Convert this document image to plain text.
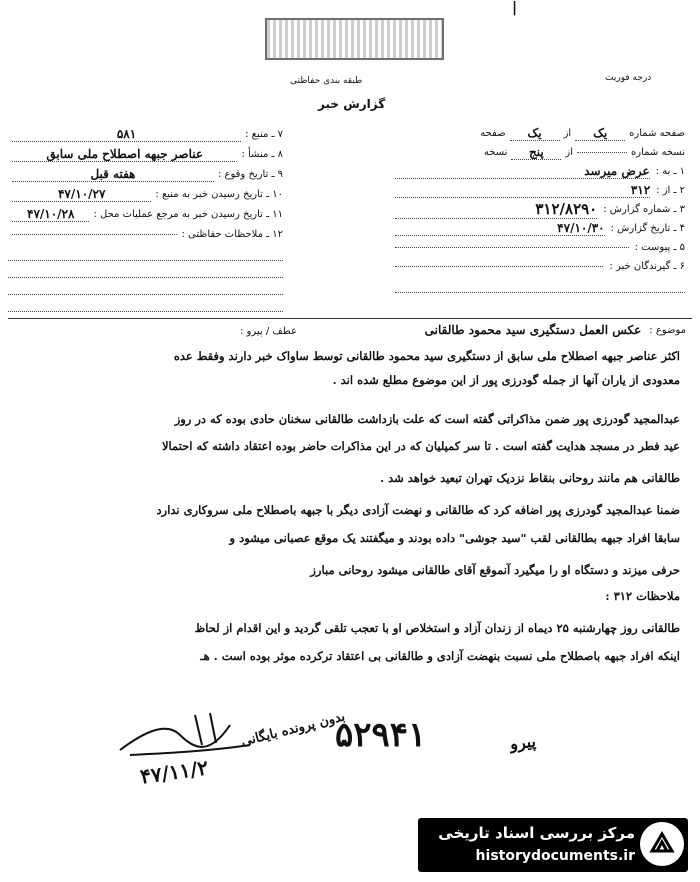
|
درجه فوریت
طبقه بندی حفاظتی
گزارش خبر
۷ ـ منبع :
۵۸۱
۸ ـ منشأ :
عناصر جبهه اصطلاح ملی سابق
۹ ـ تاریخ وقوع :
هفته قبل
۱۰ ـ تاریخ رسیدن خبر به منبع :
۴۷/۱۰/۲۷
۱۱ ـ تاریخ رسیدن خبر به مرجع عملیات محل :
۴۷/۱۰/۲۸
۱۲ ـ ملاحظات حفاظتی :
صفحه شماره
یک
از
یک
صفحه
نسخه شماره
از
پنج
نسخه
۱ ـ به :
عرض میرسد
۲ ـ از :
۳۱۲
۳ ـ شماره گزارش :
۳۱۲/۸۲۹۰
۴ ـ تاریخ گزارش :
۴۷/۱۰/۳۰
۵ ـ پیوست :
۶ ـ گیرندگان خبر :
موضوع :
عکس العمل دستگیری سید محمود طالقانی
عطف / پیرو :
اکثر عناصر جبهه اصطلاح ملی سابق از دستگیری سید محمود طالقانی توسط ساواک خبر دارند وفقط عده
معدودی از یاران آنها از جمله گودرزی پور از این موضوع مطلع شده اند .
عبدالمجید گودرزی پور ضمن مذاکراتی گفته است که علت بازداشت طالقانی سخنان حادی بوده که در روز
عید فطر در مسجد هدایت گفته است . تا سر کمیلیان که در این مذاکرات حاضر بوده اعتقاد داشته که احتمالا
طالقانی هم مانند روحانی بنقاط نزدیک تهران تبعید خواهد شد .
ضمنا عبدالمجید گودرزی پور اضافه کرد که طالقانی و نهضت آزادی دیگر با جبهه باصطلاح ملی سروکاری ندارد
سابقا افراد جبهه بطالقانی لقب "سید جوشی" داده بودند و میگفتند یک موقع عصبانی میشود و
حرفی میزند و دستگاه او را میگیرد آنموقع آقای طالقانی میشود روحانی مبارز
ملاحظات ۳۱۲ :
طالقانی روز چهارشنبه ۲۵ دیماه از زندان آزاد و استخلاص او با تعجب تلقی گردید و این اقدام از لحاظ
اینکه افراد جبهه باصطلاح ملی نسبت بنهضت آزادی و طالقانی بی اعتقاد ترکرده موثر بوده است . هـ
پیرو
۵۲۹۴۱
بدون پرونده بایگانی
۴۷/۱۱/۲
مرکز بررسی اسناد تاریخی
historydocuments.ir
